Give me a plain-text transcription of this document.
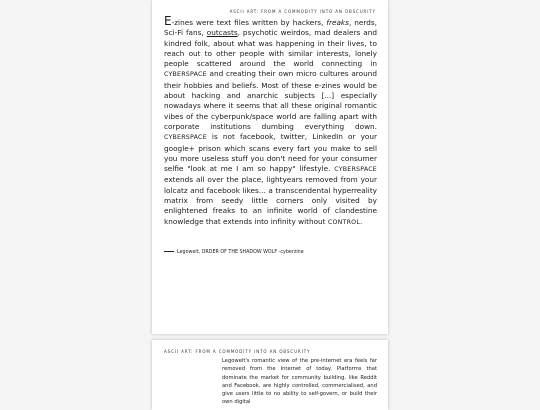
ASCII ART: FROM A COMMODITY INTO AN OBSCURITY

E-zines were text files written by hackers, freaks, nerds, Sci-Fi fans, outcasts, psychotic weirdos, mad dealers and kindred folk, about what was happening in their lives, to reach out to other people with similar interests, lonely people scattered around the world connecting in CYBERSPACE and creating their own micro cultures around their hobbies and beliefs. Most of these e-zines would be about hacking and anarchic subjects [...] especially nowadays where it seems that all these original romantic vibes of the cyberpunk/space world are falling apart with corporate institutions dumbing everything down. CYBERSPACE is not facebook, twitter, LinkedIn or your google+ prison which scans every fart you make to sell you more useless stuff you don't need for your consumer selfie "look at me I am so happy" lifestyle. CYBERSPACE extends all over the place, lightyears removed from your lolcatz and facebook likes... a transcendental hyperreality matrix from seedy little corners only visited by enlightened freaks to an infinite world of clandestine knowledge that extends into infinity without CONTROL.

Legowelt, ORDER OF THE SHADOW WOLF -cyberzine
ASCII ART: FROM A COMMODITY INTO AN OBSCURITY

Legowelt's romantic view of the pre-internet era feels far removed from the Internet of today. Platforms that dominate the market for community building, like Reddit and Facebook, are highly controlled, commercialised, and give users little to no ability to self-govern, or build their own digital
